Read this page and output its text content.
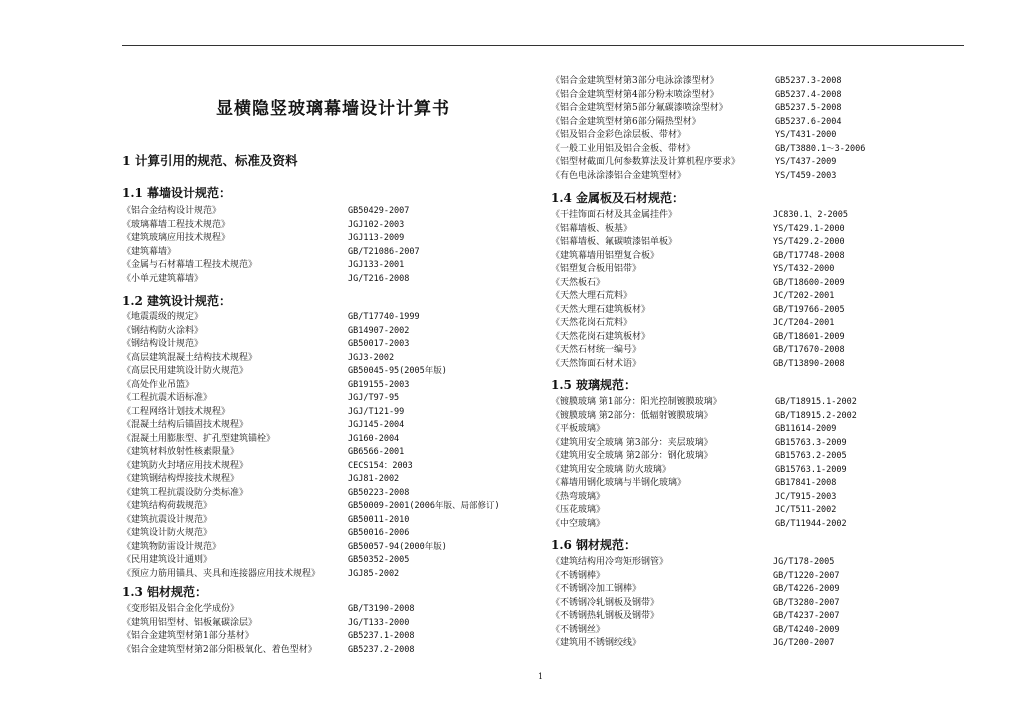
显横隐竖玻璃幕墙设计计算书
1 计算引用的规范、标准及资料
1.1 幕墙设计规范：
《铝合金结构设计规范》	GB50429-2007
《玻璃幕墙工程技术规范》	JGJ102-2003
《建筑玻璃应用技术规程》	JGJ113-2009
《建筑幕墙》	GB/T21086-2007
《金属与石材幕墙工程技术规范》	JGJ133-2001
《小单元建筑幕墙》	JG/T216-2008
1.2 建筑设计规范：
《地震震级的规定》	GB/T17740-1999
《钢结构防火涂料》	GB14907-2002
《钢结构设计规范》	GB50017-2003
《高层建筑混凝土结构技术规程》	JGJ3-2002
《高层民用建筑设计防火规范》	GB50045-95(2005年版)
《高处作业吊篮》	GB19155-2003
《工程抗震术语标准》	JGJ/T97-95
《工程网络计划技术规程》	JGJ/T121-99
《混凝土结构后锚固技术规程》	JGJ145-2004
《混凝土用膨胀型、扩孔型建筑锚栓》	JG160-2004
《建筑材料放射性核素限量》	GB6566-2001
《建筑防火封堵应用技术规程》	CECS154：2003
《建筑钢结构焊接技术规程》	JGJ81-2002
《建筑工程抗震设防分类标准》	GB50223-2008
《建筑结构荷载规范》	GB50009-2001(2006年版、局部修订)
《建筑抗震设计规范》	GB50011-2010
《建筑设计防火规范》	GB50016-2006
《建筑物防雷设计规范》	GB50057-94(2000年版)
《民用建筑设计通则》	GB50352-2005
《预应力筋用锚具、夹具和连接器应用技术规程》	JGJ85-2002
1.3 铝材规范：
《变形铝及铝合金化学成份》	GB/T3190-2008
《建筑用铝型材、铝板氟碳涂层》	JG/T133-2000
《铝合金建筑型材第1部分基材》	GB5237.1-2008
《铝合金建筑型材第2部分阳极氧化、着色型材》	GB5237.2-2008
《铝合金建筑型材第3部分电泳涂漆型材》	GB5237.3-2008
《铝合金建筑型材第4部分粉末喷涂型材》	GB5237.4-2008
《铝合金建筑型材第5部分氟碳漆喷涂型材》	GB5237.5-2008
《铝合金建筑型材第6部分隔热型材》	GB5237.6-2004
《铝及铝合金彩色涂层板、带材》	YS/T431-2000
《一般工业用铝及铝合金板、带材》	GB/T3880.1～3-2006
《铝型材截面几何参数算法及计算机程序要求》	YS/T437-2009
《有色电泳涂漆铝合金建筑型材》	YS/T459-2003
1.4 金属板及石材规范：
《干挂饰面石材及其金属挂件》	JC830.1、2-2005
《铝幕墙板、板基》	YS/T429.1-2000
《铝幕墙板、氟碳喷漆铝单板》	YS/T429.2-2000
《建筑幕墙用铝塑复合板》	GB/T17748-2008
《铝塑复合板用铝带》	YS/T432-2000
《天然板石》	GB/T18600-2009
《天然大理石荒料》	JC/T202-2001
《天然大理石建筑板材》	GB/T19766-2005
《天然花岗石荒料》	JC/T204-2001
《天然花岗石建筑板材》	GB/T18601-2009
《天然石材统一编号》	GB/T17670-2008
《天然饰面石材术语》	GB/T13890-2008
1.5 玻璃规范：
《镀膜玻璃 第1部分：阳光控制镀膜玻璃》	GB/T18915.1-2002
《镀膜玻璃 第2部分：低辐射镀膜玻璃》	GB/T18915.2-2002
《平板玻璃》	GB11614-2009
《建筑用安全玻璃 第3部分：夹层玻璃》	GB15763.3-2009
《建筑用安全玻璃 第2部分：钢化玻璃》	GB15763.2-2005
《建筑用安全玻璃 防火玻璃》	GB15763.1-2009
《幕墙用钢化玻璃与半钢化玻璃》	GB17841-2008
《热弯玻璃》	JC/T915-2003
《压花玻璃》	JC/T511-2002
《中空玻璃》	GB/T11944-2002
1.6 钢材规范：
《建筑结构用冷弯矩形钢管》	JG/T178-2005
《不锈钢棒》	GB/T1220-2007
《不锈钢冷加工钢棒》	GB/T4226-2009
《不锈钢冷轧钢板及钢带》	GB/T3280-2007
《不锈钢热轧钢板及钢带》	GB/T4237-2007
《不锈钢丝》	GB/T4240-2009
《建筑用不锈钢绞线》	JG/T200-2007
1
